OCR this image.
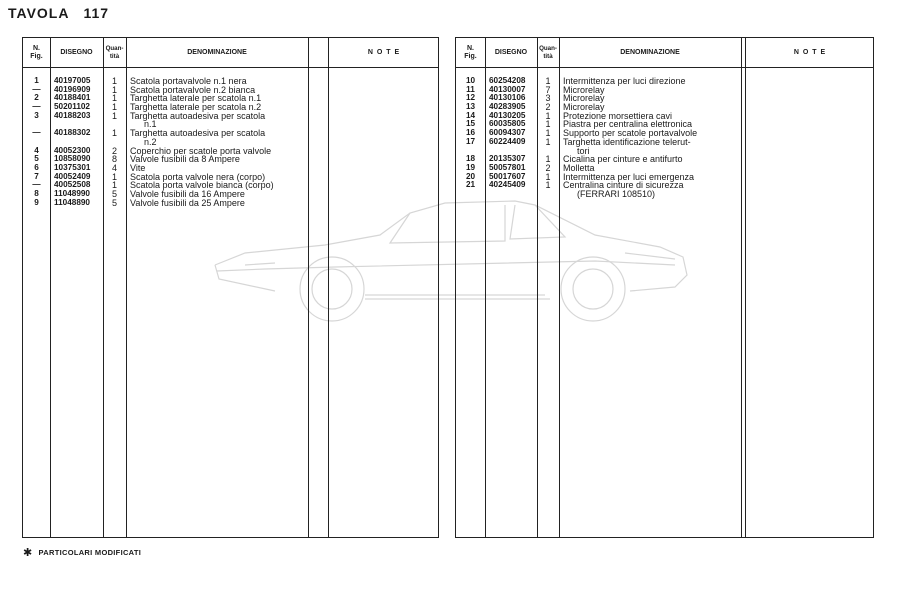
TAVOLA 117
N.
Fig.
DISEGNO
Quan-
tità
DENOMINAZIONE	N O T E
1	40197005	1	Scatola portavalvole n.1 nera
—	40196909	1	Scatola portavalvole n.2 bianca
2	40188401	1	Targhetta laterale per scatola n.1
—	50201102	1	Targhetta laterale per scatola n.2
3	40188203	1	Targhetta autoadesiva per scatola
n.1
—	40188302	1	Targhetta autoadesiva per scatola
n.2
4	40052300	2	Coperchio per scatole porta valvole
5	10858090	8	Valvole fusibili da 8 Ampere
6	10375301	4	Vite
7	40052409	1	Scatola porta valvole nera (corpo)
—	40052508	1	Scatola porta valvole bianca (corpo)
8	11048990	5	Valvole fusibili da 16 Ampere
9	11048890	5	Valvole fusibili da 25 Ampere
N.
Fig.
DISEGNO
Quan-
tità
DENOMINAZIONE	N O T E
10	60254208	1	Intermittenza per luci direzione
11	40130007	7	Microrelay
12	40130106	3	Microrelay
13	40283905	2	Microrelay
14	40130205	1	Protezione morsettiera cavi
15	60035805	1	Piastra per centralina elettronica
16	60094307	1	Supporto per scatole portavalvole
17	60224409	1	Targhetta identificazione telerut-
tori
18	20135307	1	Cicalina per cinture e antifurto
19	50057801	2	Molletta
20	50017607	1	Intermittenza per luci emergenza
21	40245409	1	Centralina cinture di sicurezza
(FERRARI 108510)
✱ PARTICOLARI MODIFICATI
